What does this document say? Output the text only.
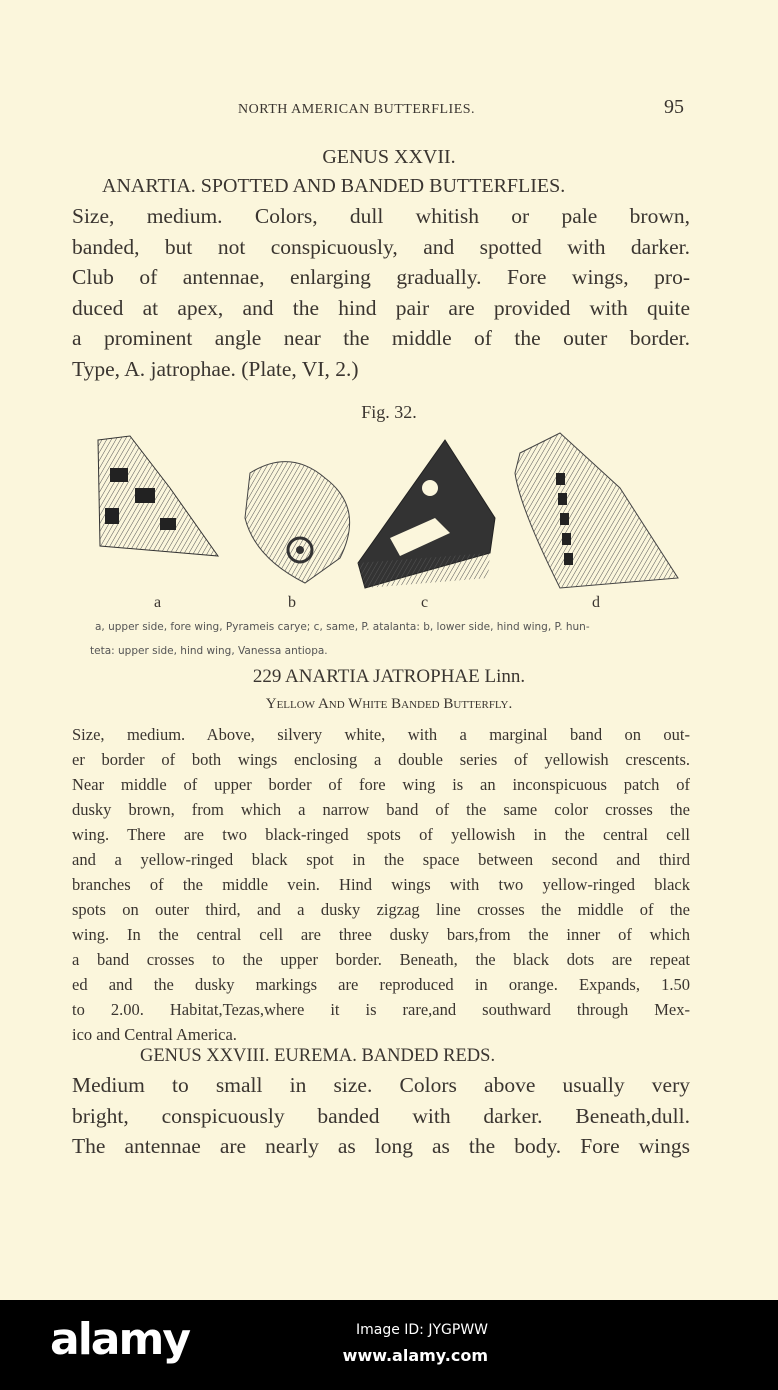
NORTH AMERICAN BUTTERFLIES.	95
GENUS XXVII.
ANARTIA. SPOTTED AND BANDED BUTTERFLIES.
Size, medium. Colors, dull whitish or pale brown,
banded, but not conspicuously, and spotted with darker.
Club of antennae, enlarging gradually. Fore wings, pro-
duced at apex, and the hind pair are provided with quite
a prominent angle near the middle of the outer border.
Type, A. jatrophae. (Plate, VI, 2.)
Fig. 32.
a	b	c	d
a, upper side, fore wing, Pyrameis carye; c, same, P. atalanta: b, lower side, hind wing, P. hun-
teta: upper side, hind wing, Vanessa antiopa.
229 ANARTIA JATROPHAE Linn.
Yellow And White Banded Butterfly.
Size, medium. Above, silvery white, with a marginal band on out-
er border of both wings enclosing a double series of yellowish crescents.
Near middle of upper border of fore wing is an inconspicuous patch of
dusky brown, from which a narrow band of the same color crosses the
wing. There are two black-ringed spots of yellowish in the central cell
and a yellow-ringed black spot in the space between second and third
branches of the middle vein. Hind wings with two yellow-ringed black
spots on outer third, and a dusky zigzag line crosses the middle of the
wing. In the central cell are three dusky bars,from the inner of which
a band crosses to the upper border. Beneath, the black dots are repeat
ed and the dusky markings are reproduced in orange. Expands, 1.50
to 2.00. Habitat,Tezas,where it is rare,and southward through Mex-
ico and Central America.
GENUS XXVIII. EUREMA. BANDED REDS.
Medium to small in size. Colors above usually very
bright, conspicuously banded with darker. Beneath,dull.
The antennae are nearly as long as the body. Fore wings
alamy	Image ID: JYGPWW
www.alamy.com
